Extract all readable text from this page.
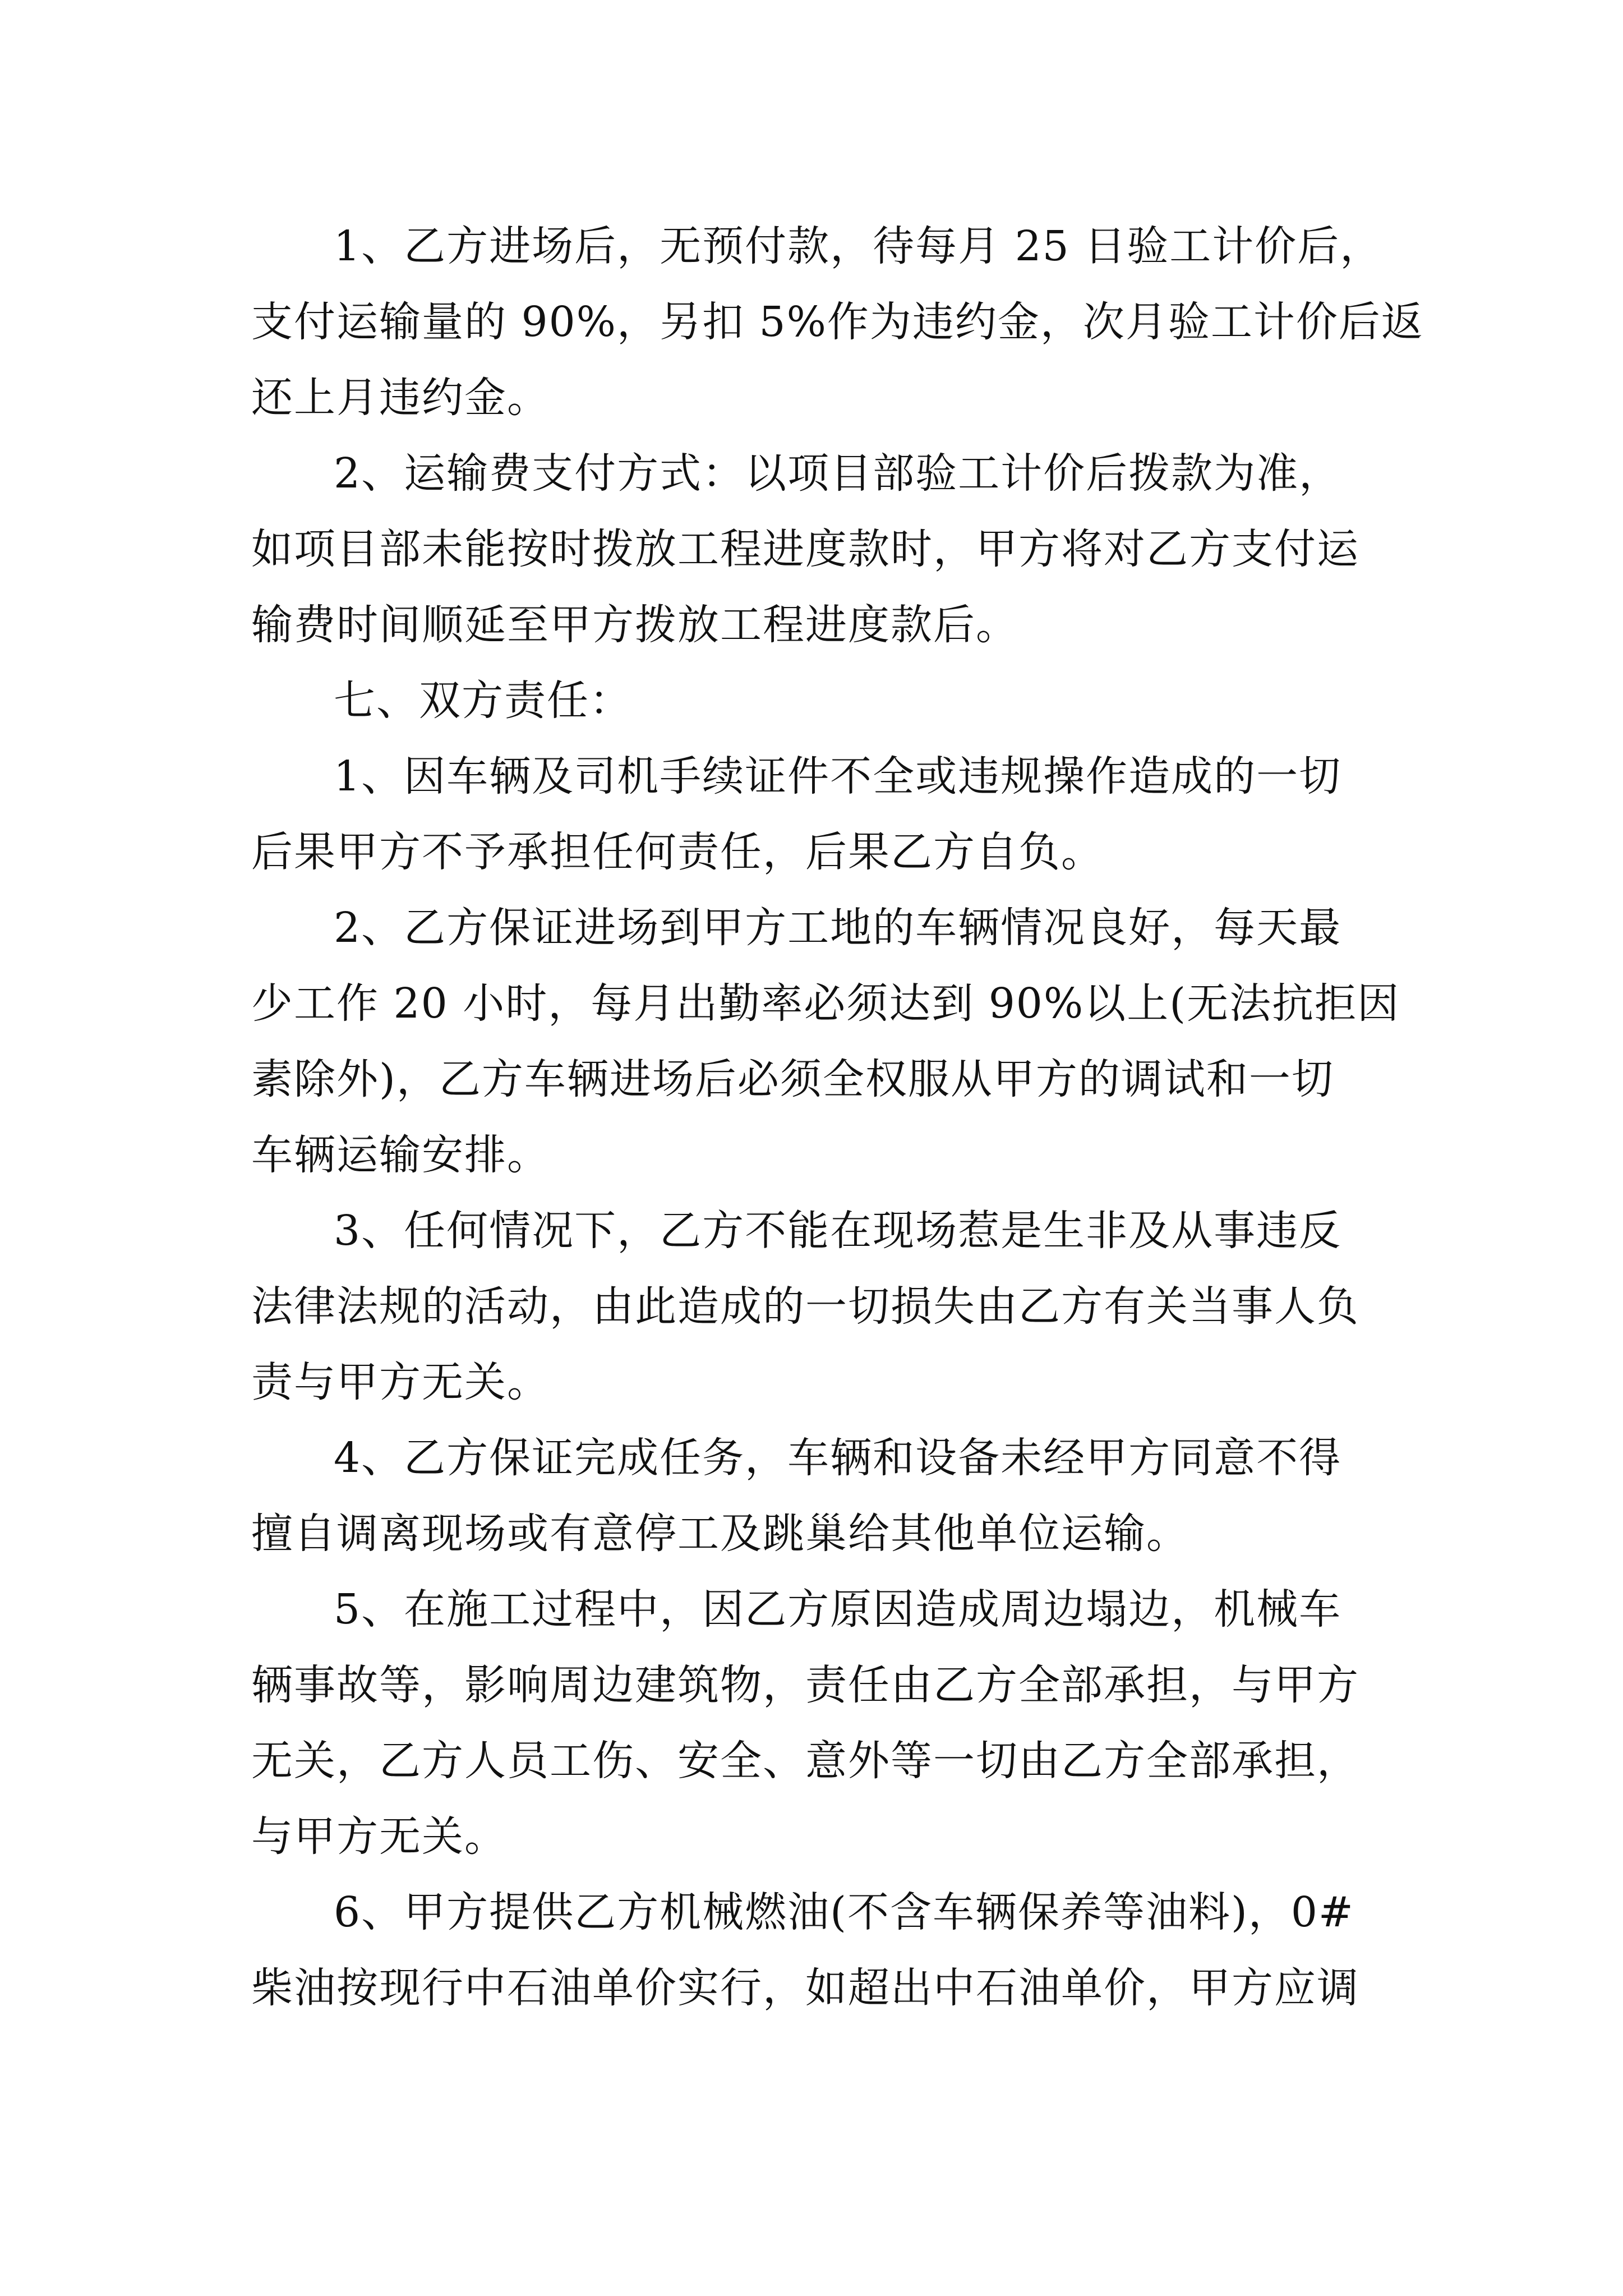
1、乙方进场后，无预付款，待每月 25 日验工计价后，
支付运输量的 90%，另扣 5%作为违约金，次月验工计价后返
还上月违约金。
2、运输费支付方式：以项目部验工计价后拨款为准，
如项目部未能按时拨放工程进度款时，甲方将对乙方支付运
输费时间顺延至甲方拨放工程进度款后。
七、双方责任：
1、因车辆及司机手续证件不全或违规操作造成的一切
后果甲方不予承担任何责任，后果乙方自负。
2、乙方保证进场到甲方工地的车辆情况良好，每天最
少工作 20 小时，每月出勤率必须达到 90%以上(无法抗拒因
素除外)，乙方车辆进场后必须全权服从甲方的调试和一切
车辆运输安排。
3、任何情况下，乙方不能在现场惹是生非及从事违反
法律法规的活动，由此造成的一切损失由乙方有关当事人负
责与甲方无关。
4、乙方保证完成任务，车辆和设备未经甲方同意不得
擅自调离现场或有意停工及跳巢给其他单位运输。
5、在施工过程中，因乙方原因造成周边塌边，机械车
辆事故等，影响周边建筑物，责任由乙方全部承担，与甲方
无关，乙方人员工伤、安全、意外等一切由乙方全部承担，
与甲方无关。
6、甲方提供乙方机械燃油(不含车辆保养等油料)，0#
柴油按现行中石油单价实行，如超出中石油单价，甲方应调
